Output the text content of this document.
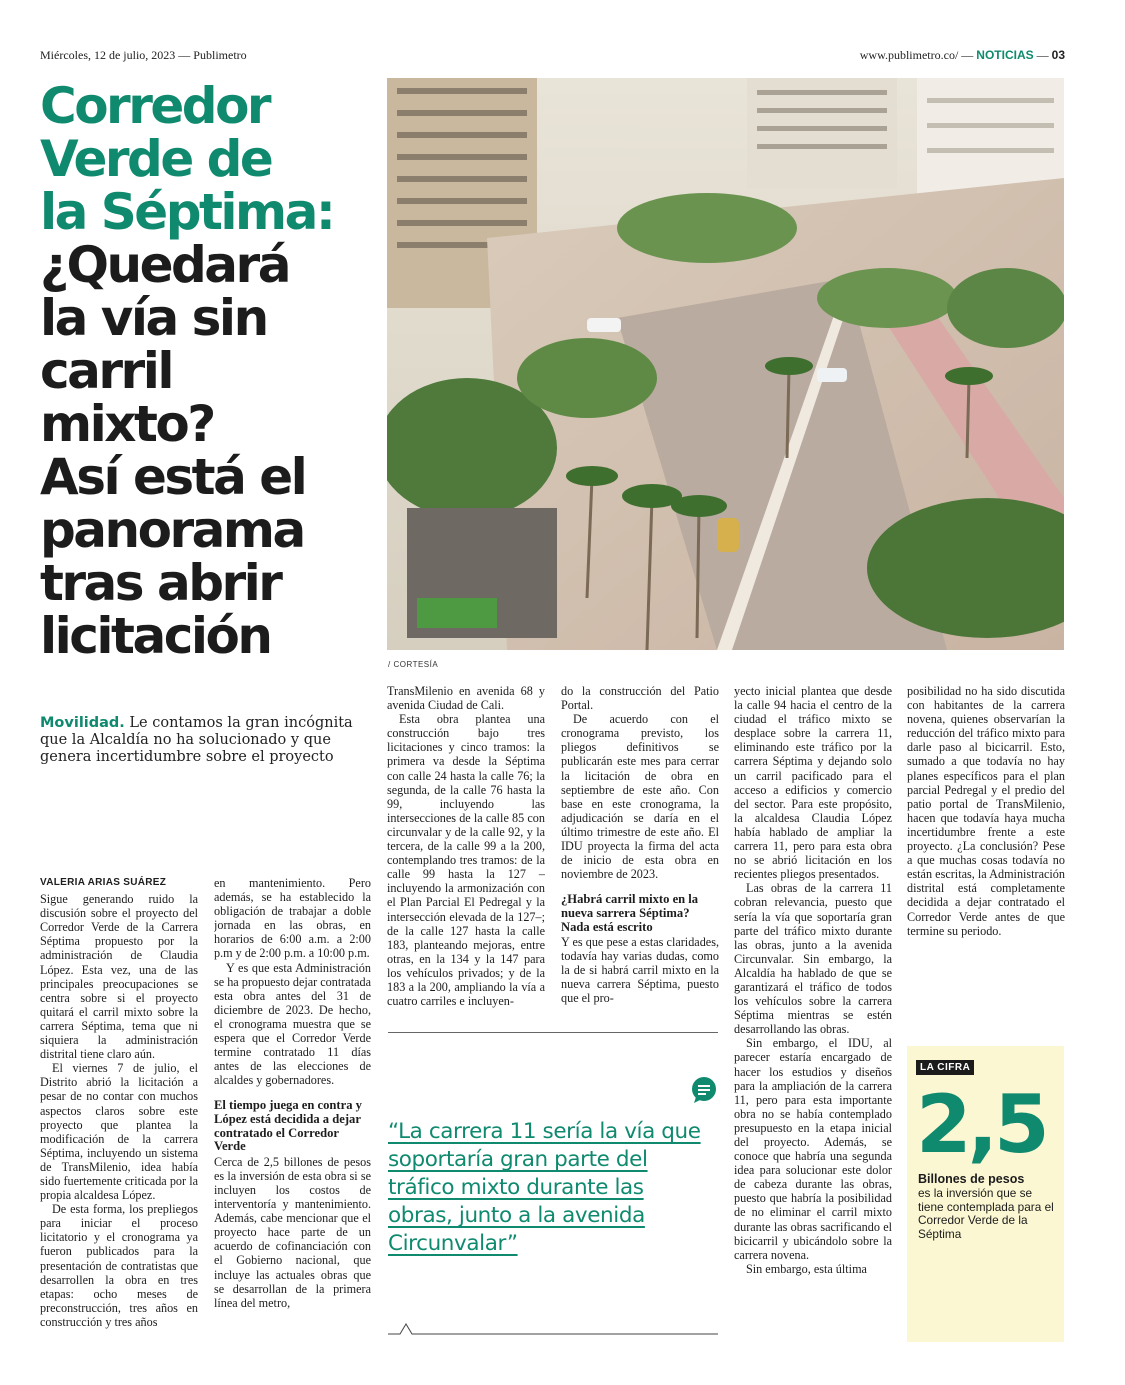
Miércoles, 12 de julio, 2023 — Publimetro	www.publimetro.co/ — NOTICIAS — 03
Corredor
Verde de
la Séptima:
¿Quedará
la vía sin
carril
mixto?
Así está el
panorama
tras abrir
licitación	/ CORTESÍA

Movilidad. Le contamos la gran incógnita que la Alcaldía no ha solucionado y que genera incertidumbre sobre el proyecto

VALERIA ARIAS SUÁREZ

Sigue generando ruido la discusión sobre el proyecto del Corredor Verde de la Carrera Séptima propuesto por la administración de Claudia López. Esta vez, una de las principales preocupaciones se centra sobre si el proyecto quitará el carril mixto sobre la carrera Séptima, tema que ni siquiera la administración distrital tiene claro aún.

El viernes 7 de julio, el Distrito abrió la licitación a pesar de no contar con muchos aspectos claros sobre este proyecto que plantea la modificación de la carrera Séptima, incluyendo un sistema de TransMilenio, idea había sido fuertemente criticada por la propia alcaldesa López.

De esta forma, los prepliegos para iniciar el proceso licitatorio y el cronograma ya fueron publicados para la presentación de contratistas que desarrollen la obra en tres etapas: ocho meses de preconstrucción, tres años en construcción y tres años

en mantenimiento. Pero además, se ha establecido la obligación de trabajar a doble jornada en las obras, en horarios de 6:00 a.m. a 2:00 p.m y de 2:00 p.m. a 10:00 p.m.

Y es que esta Administración se ha propuesto dejar contratada esta obra antes del 31 de diciembre de 2023. De hecho, el cronograma muestra que se espera que el Corredor Verde termine contratado 11 días antes de las elecciones de alcaldes y gobernadores.

El tiempo juega en contra y López está decidida a dejar contratado el Corredor Verde

Cerca de 2,5 billones de pesos es la inversión de esta obra si se incluyen los costos de interventoría y mantenimiento. Además, cabe mencionar que el proyecto hace parte de un acuerdo de cofinanciación con el Gobierno nacional, que incluye las actuales obras que se desarrollan de la primera línea del metro,

TransMilenio en avenida 68 y avenida Ciudad de Cali.

Esta obra plantea una construcción bajo tres licitaciones y cinco tramos: la primera va desde la Séptima con calle 24 hasta la calle 76; la segunda, de la calle 76 hasta la 99, incluyendo las intersecciones de la calle 85 con circunvalar y de la calle 92, y la tercera, de la calle 99 a la 200, contemplando tres tramos: de la calle 99 hasta la 127 –incluyendo la armonización con el Plan Parcial El Pedregal y la intersección elevada de la 127–; de la calle 127 hasta la calle 183, planteando mejoras, entre otras, en la 134 y la 147 para los vehículos privados; y de la 183 a la 200, ampliando la vía a cuatro carriles e incluyen-

do la construcción del Patio Portal.

De acuerdo con el cronograma previsto, los pliegos definitivos se publicarán este mes para cerrar la licitación de obra en septiembre de este año. Con base en este cronograma, la adjudicación se daría en el último trimestre de este año. El IDU proyecta la firma del acta de inicio de esta obra en noviembre de 2023.

¿Habrá carril mixto en la nueva sarrera Séptima? Nada está escrito

Y es que pese a estas claridades, todavía hay varias dudas, como la de si habrá carril mixto en la nueva carrera Séptima, puesto que el pro-

yecto inicial plantea que desde la calle 94 hacia el centro de la ciudad el tráfico mixto se desplace sobre la carrera 11, eliminando este tráfico por la carrera Séptima y dejando solo un carril pacificado para el acceso a edificios y comercio del sector. Para este propósito, la alcaldesa Claudia López había hablado de ampliar la carrera 11, pero para esta obra no se abrió licitación en los recientes pliegos presentados.

Las obras de la carrera 11 cobran relevancia, puesto que sería la vía que soportaría gran parte del tráfico mixto durante las obras, junto a la avenida Circunvalar. Sin embargo, la Alcaldía ha hablado de que se garantizará el tráfico de todos los vehículos sobre la carrera Séptima mientras se estén desarrollando las obras.

Sin embargo, el IDU, al parecer estaría encargado de hacer los estudios y diseños para la ampliación de la carrera 11, pero para esta importante obra no se había contemplado presupuesto en la etapa inicial del proyecto. Además, se conoce que habría una segunda idea para solucionar este dolor de cabeza durante las obras, puesto que habría la posibilidad de no eliminar el carril mixto durante las obras sacrificando el bicicarril y ubicándolo sobre la carrera novena.

Sin embargo, esta última

posibilidad no ha sido discutida con habitantes de la carrera novena, quienes observarían la reducción del tráfico mixto para darle paso al bicicarril. Esto, sumado a que todavía no hay planes específicos para el plan parcial Pedregal y el predio del patio portal de TransMilenio, hacen que todavía haya mucha incertidumbre frente a este proyecto. ¿La conclusión? Pese a que muchas cosas todavía no están escritas, la Administración distrital está completamente decidida a dejar contratado el Corredor Verde antes de que termine su periodo.

“La carrera 11 sería la vía que soportaría gran parte del tráfico mixto durante las obras, junto a la avenida Circunvalar”
LA CIFRA
2,5
Billones de pesos
es la inversión que se tiene contemplada para el Corredor Verde de la Séptima
